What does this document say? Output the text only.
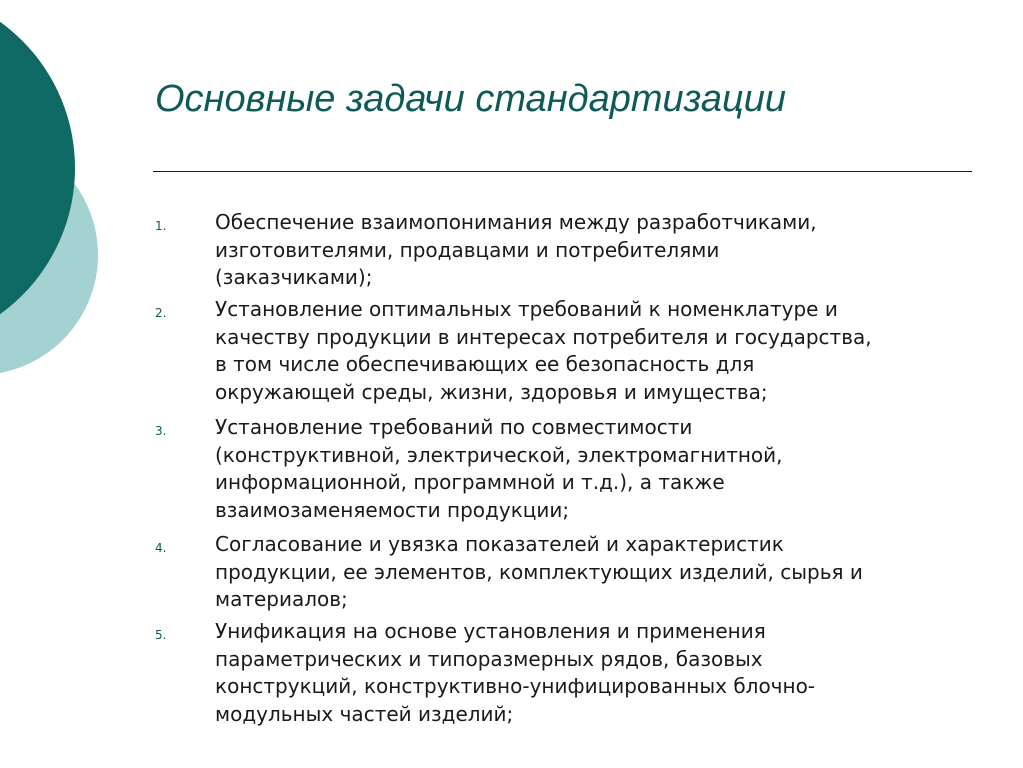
Основные задачи стандартизации
1. Обеспечение взаимопонимания между разработчиками,
изготовителями, продавцами и потребителями
(заказчиками);
2. Установление оптимальных требований к номенклатуре и
качеству продукции в интересах потребителя и государства,
в том числе обеспечивающих ее безопасность для
окружающей среды, жизни, здоровья и имущества;
3. Установление требований по совместимости
(конструктивной, электрической, электромагнитной,
информационной, программной и т.д.), а также
взаимозаменяемости продукции;
4. Согласование и увязка показателей и характеристик
продукции, ее элементов, комплектующих изделий, сырья и
материалов;
5. Унификация на основе установления и применения
параметрических и типоразмерных рядов, базовых
конструкций, конструктивно-унифицированных блочно-
модульных частей изделий;
